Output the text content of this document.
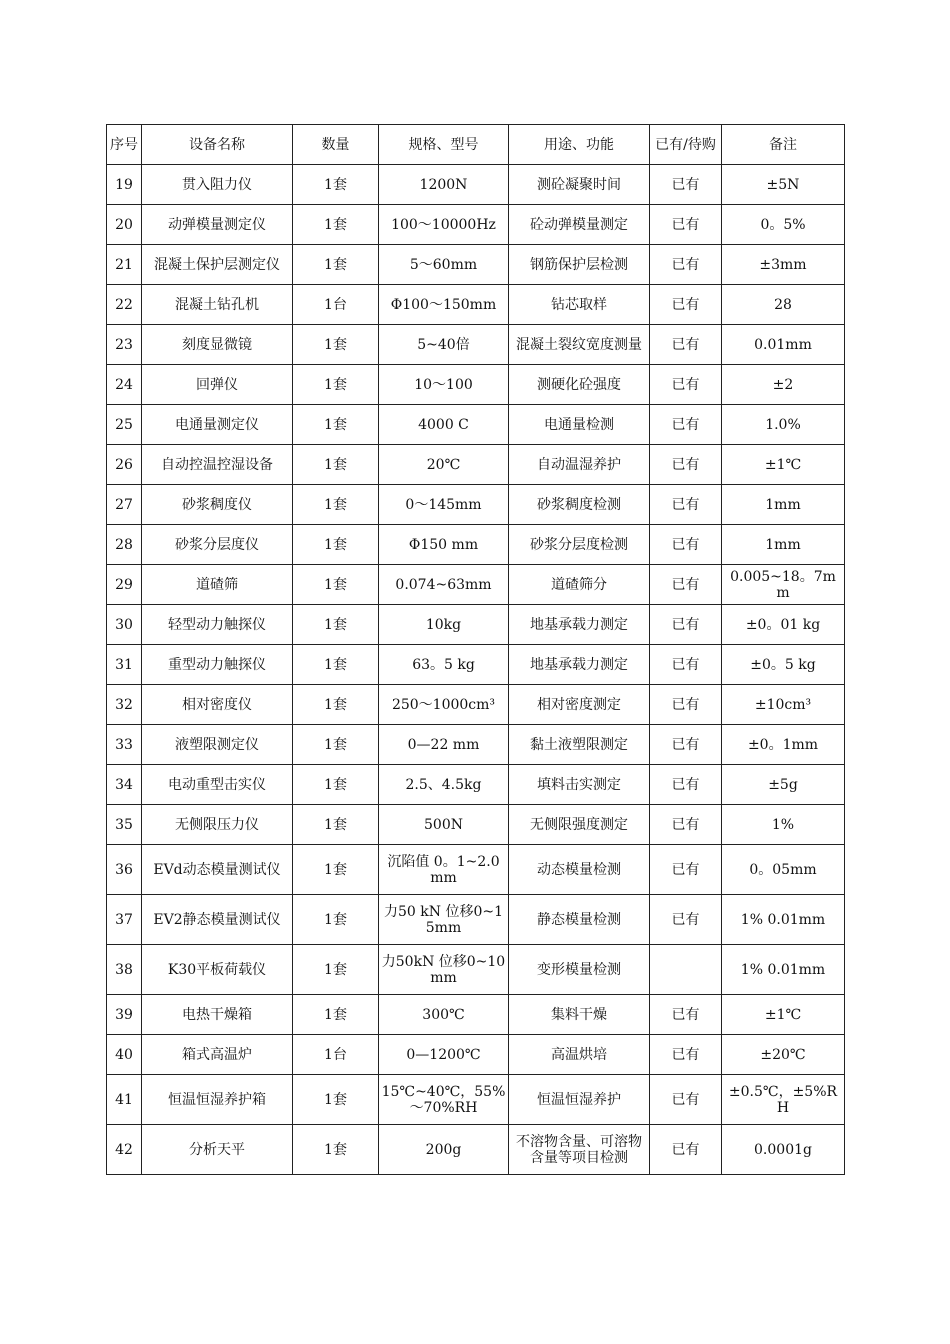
序号	设备名称	数量	规格、型号	用途、功能	已有/待购	备注
19	贯入阻力仪	1套	1200N	测砼凝聚时间	已有	±5N
20	动弹模量测定仪	1套	100～10000Hz	砼动弹模量测定	已有	0。5%
21	混凝土保护层测定仪	1套	5～60mm	钢筋保护层检测	已有	±3mm
22	混凝土钻孔机	1台	Φ100～150mm	钻芯取样	已有	28
23	刻度显微镜	1套	5~40倍	混凝土裂纹宽度测量	已有	0.01mm
24	回弹仪	1套	10～100	测硬化砼强度	已有	±2
25	电通量测定仪	1套	4000 C	电通量检测	已有	1.0%
26	自动控温控湿设备	1套	20℃	自动温湿养护	已有	±1℃
27	砂浆稠度仪	1套	0～145mm	砂浆稠度检测	已有	1mm
28	砂浆分层度仪	1套	Φ150 mm	砂浆分层度检测	已有	1mm
29	道碴筛	1套	0.074~63mm	道碴筛分	已有	0.005~18。7mm
30	轻型动力触探仪	1套	10kg	地基承载力测定	已有	±0。01 kg
31	重型动力触探仪	1套	63。5 kg	地基承载力测定	已有	±0。5 kg
32	相对密度仪	1套	250～1000cm³	相对密度测定	已有	±10cm³
33	液塑限测定仪	1套	0—22 mm	黏土液塑限测定	已有	±0。1mm
34	电动重型击实仪	1套	2.5、4.5kg	填料击实测定	已有	±5g
35	无侧限压力仪	1套	500N	无侧限强度测定	已有	1%
36	EVd动态模量测试仪	1套	沉陷值 0。1~2.0mm	动态模量检测	已有	0。05mm
37	EV2静态模量测试仪	1套	力50 kN 位移0~15mm	静态模量检测	已有	1% 0.01mm
38	K30平板荷载仪	1套	力50kN 位移0~10mm	变形模量检测		1% 0.01mm
39	电热干燥箱	1套	300℃	集料干燥	已有	±1℃
40	箱式高温炉	1台	0—1200℃	高温烘培	已有	±20℃
41	恒温恒湿养护箱	1套	15℃~40℃，55%～70%RH	恒温恒湿养护	已有	±0.5℃，±5%RH
42	分析天平	1套	200g	不溶物含量、可溶物含量等项目检测	已有	0.0001g
